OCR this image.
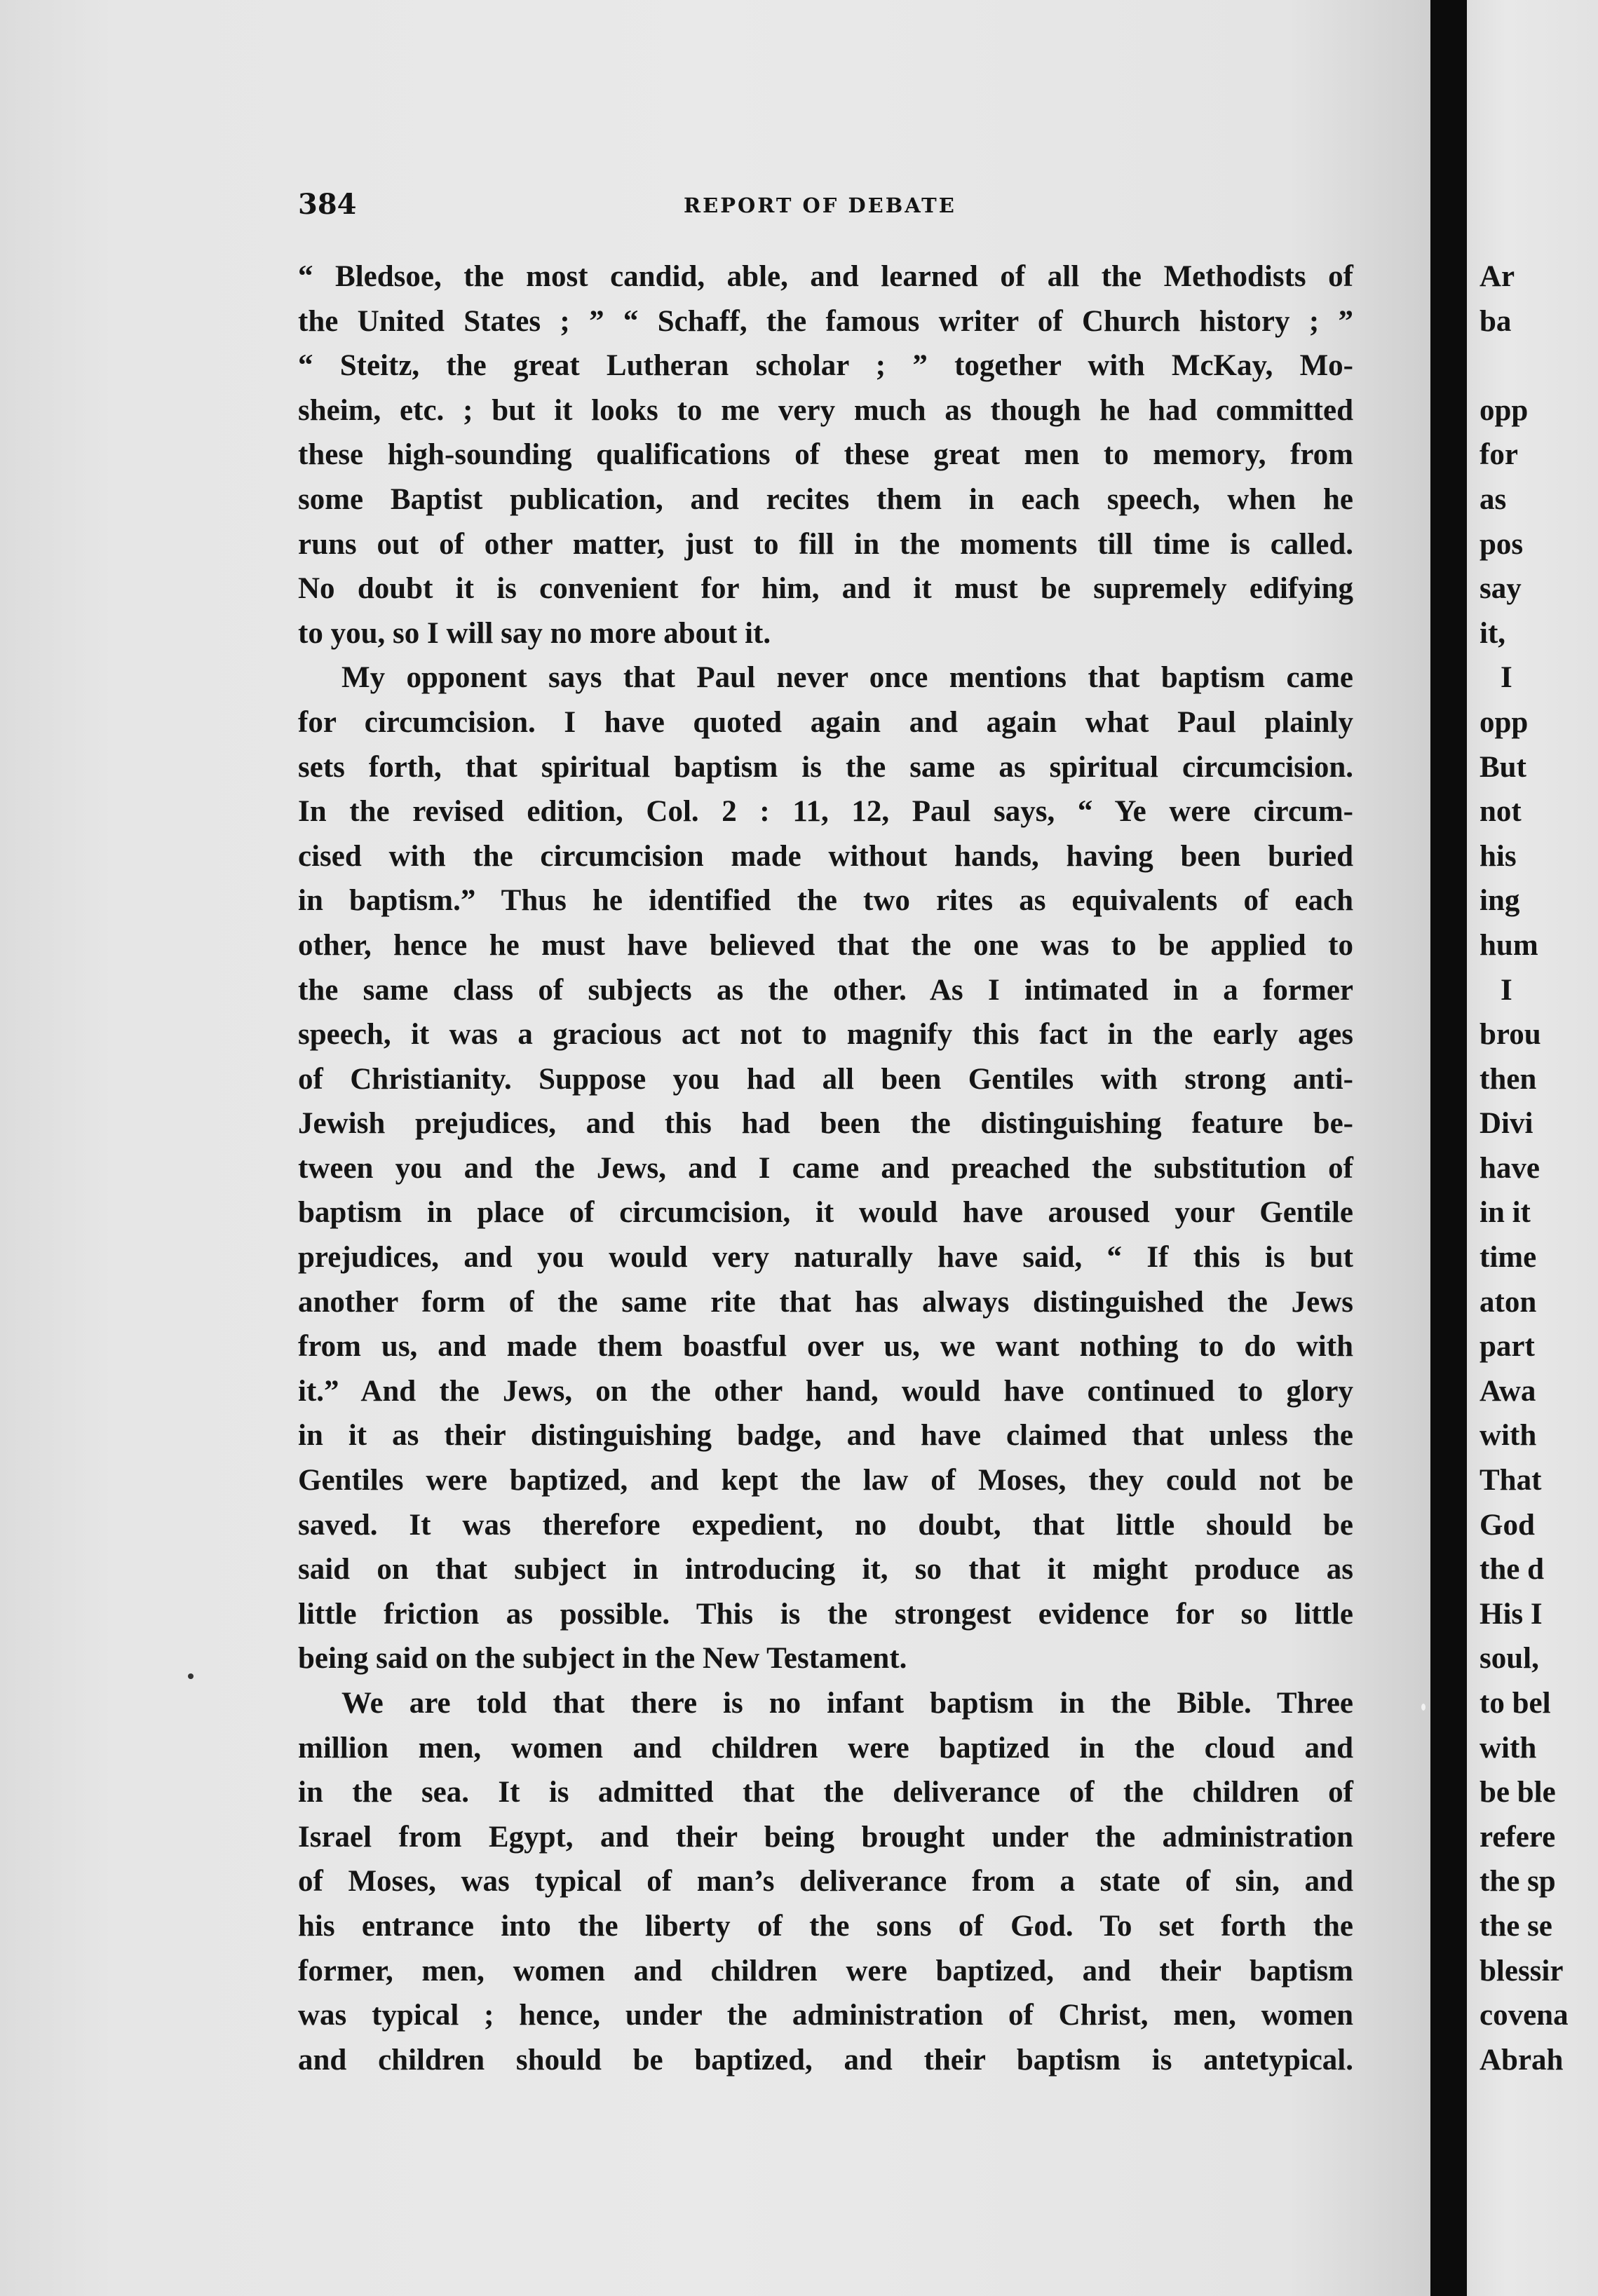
384	REPORT OF DEBATE
“ Bledsoe, the most candid, able, and learned of all the Methodists of
the United States ; ” “ Schaff, the famous writer of Church history ; ”
“ Steitz, the great Lutheran scholar ; ” together with McKay, Mo-
sheim, etc. ; but it looks to me very much as though he had committed
these high-sounding qualifications of these great men to memory, from
some Baptist publication, and recites them in each speech, when he
runs out of other matter, just to fill in the moments till time is called.
No doubt it is convenient for him, and it must be supremely edifying
to you, so I will say no more about it.
My opponent says that Paul never once mentions that baptism came
for circumcision. I have quoted again and again what Paul plainly
sets forth, that spiritual baptism is the same as spiritual circumcision.
In the revised edition, Col. 2 : 11, 12, Paul says, “ Ye were circum-
cised with the circumcision made without hands, having been buried
in baptism.” Thus he identified the two rites as equivalents of each
other, hence he must have believed that the one was to be applied to
the same class of subjects as the other. As I intimated in a former
speech, it was a gracious act not to magnify this fact in the early ages
of Christianity. Suppose you had all been Gentiles with strong anti-
Jewish prejudices, and this had been the distinguishing feature be-
tween you and the Jews, and I came and preached the substitution of
baptism in place of circumcision, it would have aroused your Gentile
prejudices, and you would very naturally have said, “ If this is but
another form of the same rite that has always distinguished the Jews
from us, and made them boastful over us, we want nothing to do with
it.” And the Jews, on the other hand, would have continued to glory
in it as their distinguishing badge, and have claimed that unless the
Gentiles were baptized, and kept the law of Moses, they could not be
saved. It was therefore expedient, no doubt, that little should be
said on that subject in introducing it, so that it might produce as
little friction as possible. This is the strongest evidence for so little
being said on the subject in the New Testament.
We are told that there is no infant baptism in the Bible. Three
million men, women and children were baptized in the cloud and
in the sea. It is admitted that the deliverance of the children of
Israel from Egypt, and their being brought under the administration
of Moses, was typical of man’s deliverance from a state of sin, and
his entrance into the liberty of the sons of God. To set forth the
former, men, women and children were baptized, and their baptism
was typical ; hence, under the administration of Christ, men, women
and children should be baptized, and their baptism is antetypical.
Ar
ba
opp
for
as
pos
say
it,
I
opp
But
not
his
ing
hum
I
brou
then
Divi
have
in it
time
aton
part
Awa
with
That
God
the d
His I
soul,
to bel
with
be ble
refere
the sp
the se
blessir
covena
Abrah
